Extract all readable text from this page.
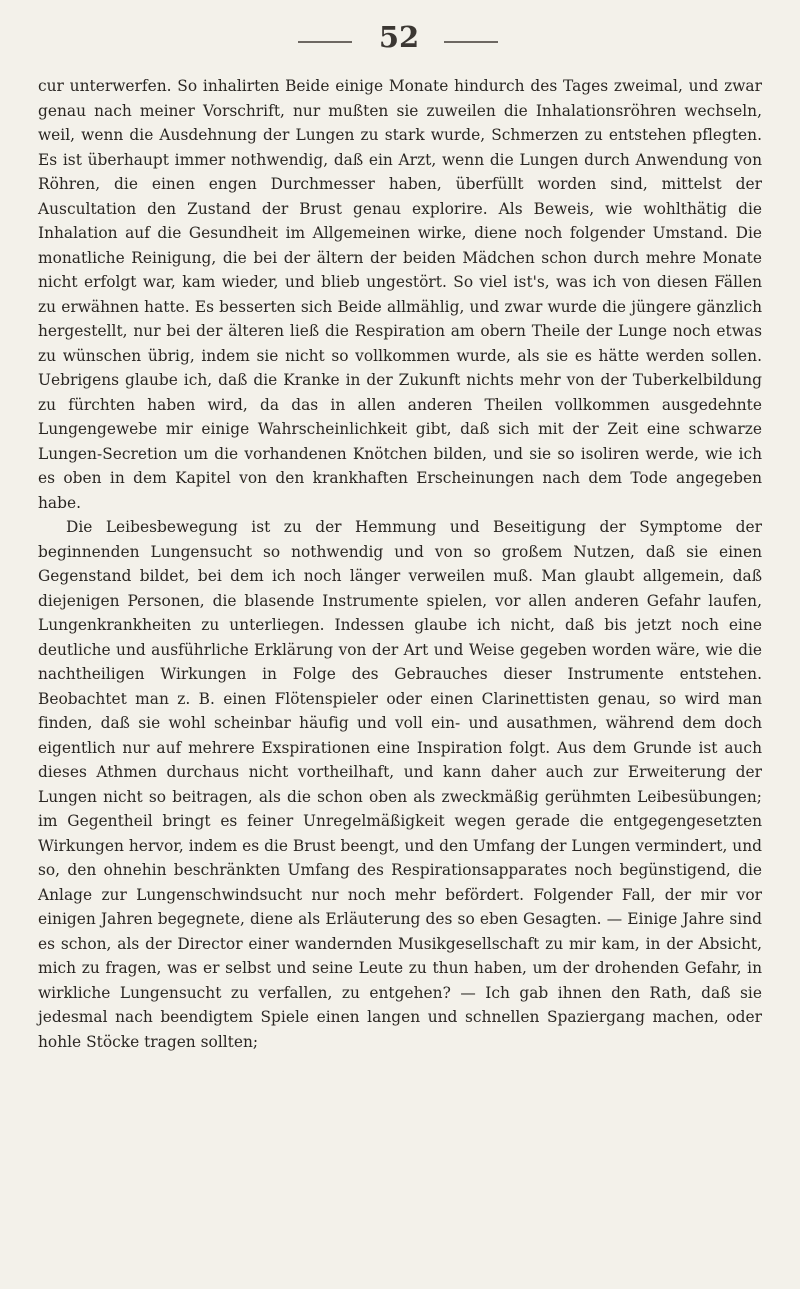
52

cur unterwerfen. So inhalirten Beide einige Monate hindurch des Tages zweimal, und zwar genau nach meiner Vorschrift, nur mußten sie zuweilen die Inhalationsröhren wechseln, weil, wenn die Ausdehnung der Lungen zu stark wurde, Schmerzen zu entstehen pflegten. Es ist überhaupt immer nothwendig, daß ein Arzt, wenn die Lungen durch Anwendung von Röhren, die einen engen Durchmesser haben, überfüllt worden sind, mittelst der Auscultation den Zustand der Brust genau explorire. Als Beweis, wie wohlthätig die Inhalation auf die Gesundheit im Allgemeinen wirke, diene noch folgender Umstand. Die monatliche Reinigung, die bei der ältern der beiden Mädchen schon durch mehre Monate nicht erfolgt war, kam wieder, und blieb ungestört. So viel ist's, was ich von diesen Fällen zu erwähnen hatte. Es besserten sich Beide allmählig, und zwar wurde die jüngere gänzlich hergestellt, nur bei der älteren ließ die Respiration am obern Theile der Lunge noch etwas zu wünschen übrig, indem sie nicht so vollkommen wurde, als sie es hätte werden sollen. Uebrigens glaube ich, daß die Kranke in der Zukunft nichts mehr von der Tuberkelbildung zu fürchten haben wird, da das in allen anderen Theilen vollkommen ausgedehnte Lungengewebe mir einige Wahrscheinlichkeit gibt, daß sich mit der Zeit eine schwarze Lungen-Secretion um die vorhandenen Knötchen bilden, und sie so isoliren werde, wie ich es oben in dem Kapitel von den krankhaften Erscheinungen nach dem Tode angegeben habe.

Die Leibesbewegung ist zu der Hemmung und Beseitigung der Symptome der beginnenden Lungensucht so nothwendig und von so großem Nutzen, daß sie einen Gegenstand bildet, bei dem ich noch länger verweilen muß. Man glaubt allgemein, daß diejenigen Personen, die blasende Instrumente spielen, vor allen anderen Gefahr laufen, Lungenkrankheiten zu unterliegen. Indessen glaube ich nicht, daß bis jetzt noch eine deutliche und ausführliche Erklärung von der Art und Weise gegeben worden wäre, wie die nachtheiligen Wirkungen in Folge des Gebrauches dieser Instrumente entstehen. Beobachtet man z. B. einen Flötenspieler oder einen Clarinettisten genau, so wird man finden, daß sie wohl scheinbar häufig und voll ein- und ausathmen, während dem doch eigentlich nur auf mehrere Exspirationen eine Inspiration folgt. Aus dem Grunde ist auch dieses Athmen durchaus nicht vortheilhaft, und kann daher auch zur Erweiterung der Lungen nicht so beitragen, als die schon oben als zweckmäßig gerühmten Leibesübungen; im Gegentheil bringt es feiner Unregelmäßigkeit wegen gerade die entgegengesetzten Wirkungen hervor, indem es die Brust beengt, und den Umfang der Lungen vermindert, und so, den ohnehin beschränkten Umfang des Respirationsapparates noch begünstigend, die Anlage zur Lungenschwindsucht nur noch mehr befördert. Folgender Fall, der mir vor einigen Jahren begegnete, diene als Erläuterung des so eben Gesagten. — Einige Jahre sind es schon, als der Director einer wandernden Musikgesellschaft zu mir kam, in der Absicht, mich zu fragen, was er selbst und seine Leute zu thun haben, um der drohenden Gefahr, in wirkliche Lungensucht zu verfallen, zu entgehen? — Ich gab ihnen den Rath, daß sie jedesmal nach beendigtem Spiele einen langen und schnellen Spaziergang machen, oder hohle Stöcke tragen sollten;
